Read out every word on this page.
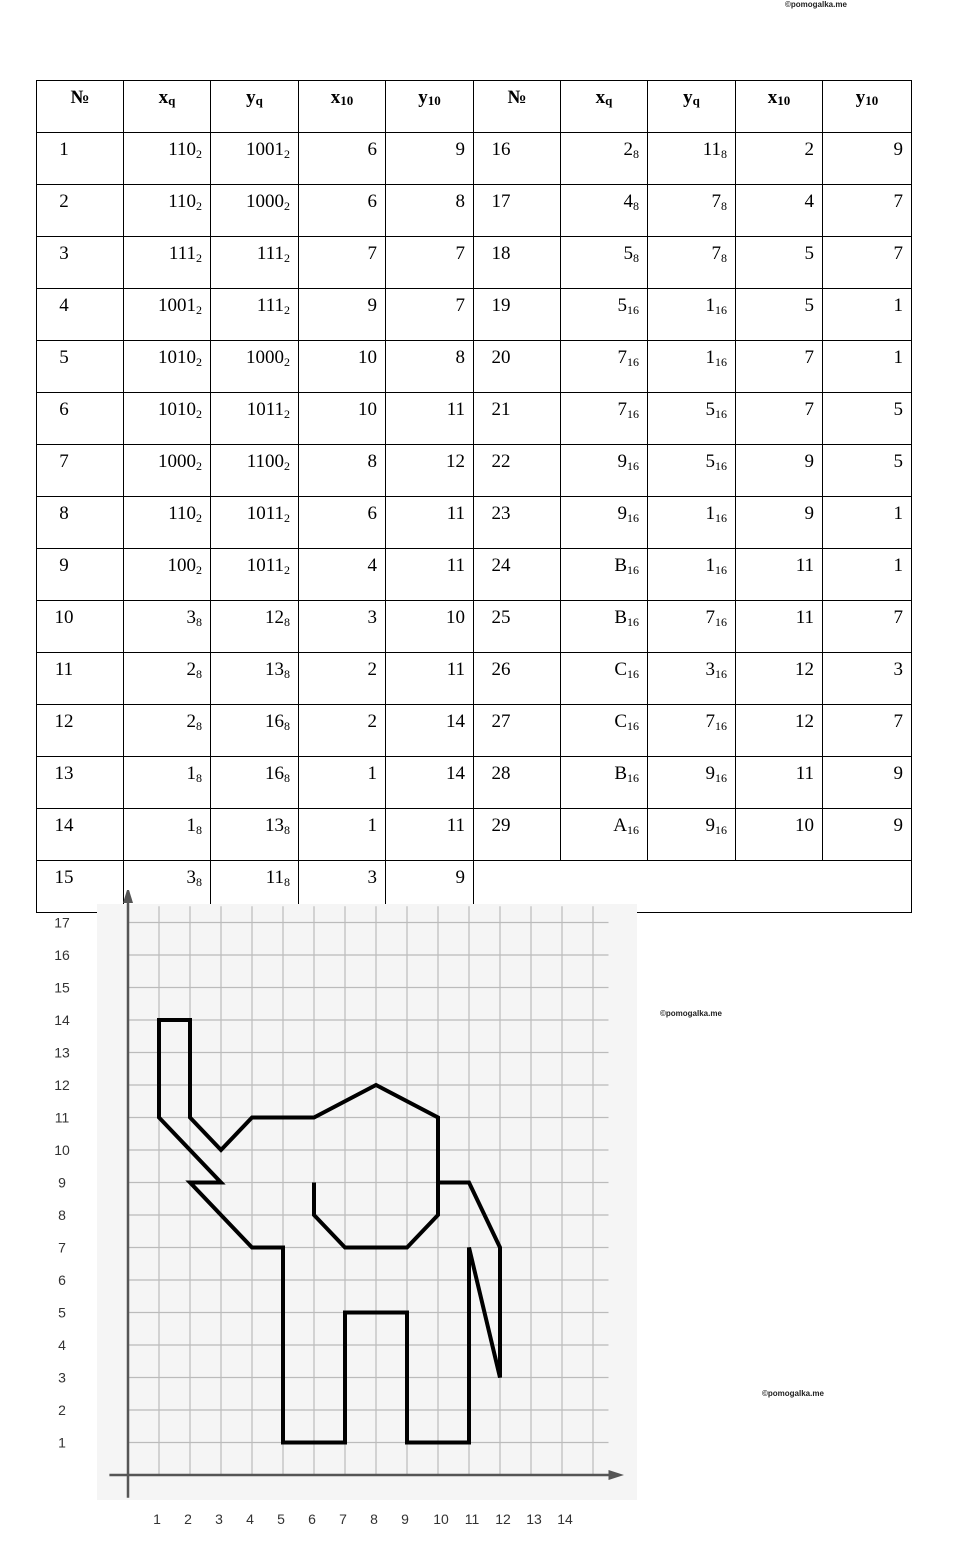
©pomogalka.me
№	$x_q$	$y_q$	$x_{10}$	$y_{10}$	№	$x_q$	$y_q$	$x_{10}$	$y_{10}$
1	$110_2$	$1001_2$	6	9	16	$2_8$	$11_8$	2	9
2	$110_2$	$1000_2$	6	8	17	$4_8$	$7_8$	4	7
3	$111_2$	$111_2$	7	7	18	$5_8$	$7_8$	5	7
4	$1001_2$	$111_2$	9	7	19	$5_{16}$	$1_{16}$	5	1
5	$1010_2$	$1000_2$	10	8	20	$7_{16}$	$1_{16}$	7	1
6	$1010_2$	$1011_2$	10	11	21	$7_{16}$	$5_{16}$	7	5
7	$1000_2$	$1100_2$	8	12	22	$9_{16}$	$5_{16}$	9	5
8	$110_2$	$1011_2$	6	11	23	$9_{16}$	$1_{16}$	9	1
9	$100_2$	$1011_2$	4	11	24	$B_{16}$	$1_{16}$	11	1
10	$3_8$	$12_8$	3	10	25	$B_{16}$	$7_{16}$	11	7
11	$2_8$	$13_8$	2	11	26	$C_{16}$	$3_{16}$	12	3
12	$2_8$	$16_8$	2	14	27	$C_{16}$	$7_{16}$	12	7
13	$1_8$	$16_8$	1	14	28	$B_{16}$	$9_{16}$	11	9
14	$1_8$	$13_8$	1	11	29	$A_{16}$	$9_{16}$	10	9
15	$3_8$	$11_8$	3	9					
©pomogalka.me
©pomogalka.me
1 2 3 4 5 6 7 8 9 10 11 12 13 14
1
2
3
4
5
6
7
8
9
10
11
12
13
14
15
16
17
